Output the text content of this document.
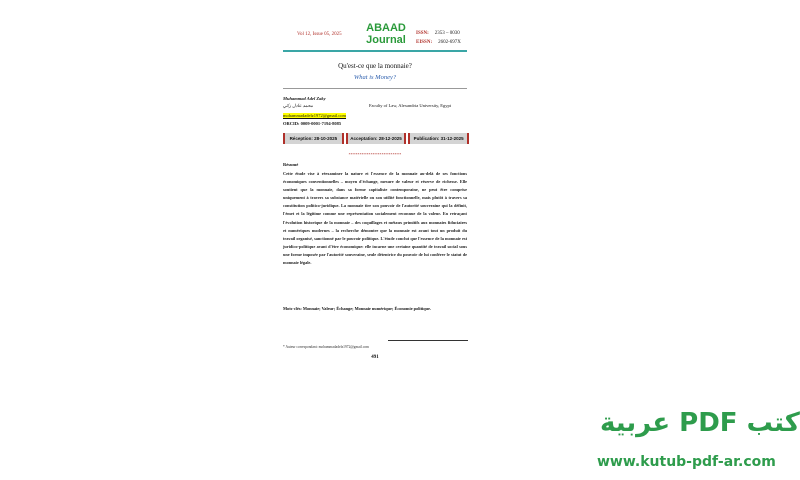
Vol 12, Issue 05, 2025
ABAAD Journal
ISSN: 2353 – 0030
EISSN: 2602-697X
Qu'est-ce que la monnaie?
What is Money?
Muhammad Adel Zaky
محمد عادل زكي	Faculty of Law, Alexandria University, Egypt
mohammadadelz1972@gmail.com
ORCID: 0009-0001-7194-8085
Réception: 28-10-2025	Acceptation: 28-12-2025	Publication: 31-12-2025
************************
Résumé
Cette étude vise à réexaminer la nature et l'essence de la monnaie au-delà de ses fonctions économiques conventionnelles – moyen d'échange, mesure de valeur et réserve de richesse. Elle soutient que la monnaie, dans sa forme capitaliste contemporaine, ne peut être comprise uniquement à travers sa substance matérielle ou son utilité fonctionnelle, mais plutôt à travers sa constitution politico-juridique. La monnaie tire son pouvoir de l'autorité souveraine qui la définit, l'émet et la légitime comme une représentation socialement reconnue de la valeur. En retraçant l'évolution historique de la monnaie – des coquillages et métaux primitifs aux monnaies fiduciaires et numériques modernes – la recherche démontre que la monnaie est avant tout un produit du travail organisé, sanctionné par le pouvoir politique. L'étude conclut que l'essence de la monnaie est juridico-politique avant d'être économique: elle incarne une certaine quantité de travail social sous une forme imposée par l'autorité souveraine, seule détentrice du pouvoir de lui conférer le statut de monnaie légale.
Mots-clés: Monnaie; Valeur; Échange; Monnaie numérique; Économie politique.
* Auteur correspondant: mohammadadelz1972@gmail.com
491
كتب PDF عربية
www.kutub-pdf-ar.com
